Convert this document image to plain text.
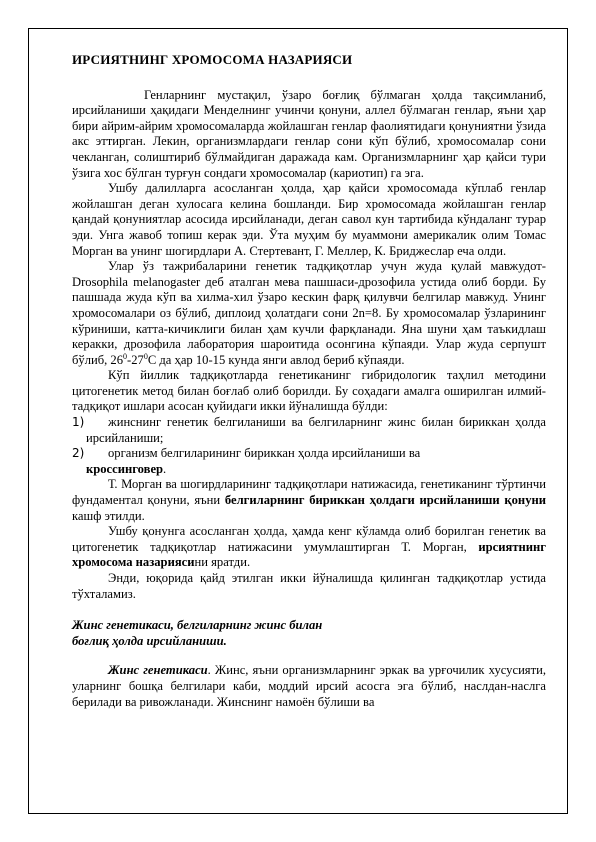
ИРСИЯТНИНГ ХРОМОСОМА НАЗАРИЯСИ

Генларнинг мустақил, ўзаро боғлиқ бўлмаган ҳолда тақсимланиб, ирсийланиши ҳақидаги Менделнинг учинчи қонуни, аллел бўлмаган генлар, яъни ҳар бири айрим-айрим хромосомаларда жойлашган генлар фаолиятидаги қонуниятни ўзида акс эттирган. Лекин, организмлардаги генлар сони кўп бўлиб, хромосомалар сони чекланган, солиштириб бўлмайдиган даражада кам. Организмларнинг ҳар қайси тури ўзига хос бўлган турғун сондаги хромосомалар (кариотип) га эга.

Ушбу далилларга асосланган ҳолда, ҳар қайси хромосомада кўплаб генлар жойлашган деган хулосага келина бошланди. Бир хромосомада жойлашган генлар қандай қонуниятлар асосида ирсийланади, деган савол кун тартибида кўндаланг турар эди. Унга жавоб топиш керак эди. Ўта муҳим бу муаммони америкалик олим Томас Морган ва унинг шогирдлари А. Стертевант, Г. Меллер, К. Бриджеслар ечa олди.

Улар ўз тажрибаларини генетик тадқиқотлар учун жуда қулай мавжудот-Drosophila melanogaster деб аталган мева пашшаси-дрозофила устида олиб борди. Бу пашшада жуда кўп ва хилма-хил ўзаро кескин фарқ қилувчи белгилар мавжуд. Унинг хромосомалари оз бўлиб, диплоид ҳолатдаги сони 2n=8. Бу хромосомалар ўзларининг кўриниши, катта-кичиклиги билан ҳам кучли фарқланади. Яна шуни ҳам таъкидлаш керакки, дрозофила лаборатория шароитида осонгина кўпаяди. Улар жуда серпушт бўлиб, $26^0-27^0С$ да ҳар 10-15 кунда янги авлод бериб кўпаяди.

Кўп йиллик тадқиқотларда генетиканинг гибридологик таҳлил методини цитогенетик метод билан боғлаб олиб борилди. Бу соҳадаги амалга оширилган илмий-тадқиқот ишлари асосан қуйидаги икки йўналишда бўлди:

1) жинснинг генетик белгиланиши ва белгиларнинг жинс билан бириккан ҳолда ирсийланиши;

2) организм белгиларининг бириккан ҳолда ирсийланиши ва
кроссинговер.

Т. Морган ва шогирдларининг тадқиқотлари натижасида, генетиканинг тўртинчи фундаментал қонуни, яъни белгиларнинг бириккан ҳолдаги ирсийланиши қонуни кашф этилди.

Ушбу қонунга асосланган ҳолда, ҳамда кенг кўламда олиб борилган генетик ва цитогенетик тадқиқотлар натижасини умумлаштирган Т. Морган, ирсиятнинг хромосома назариясини яратди.

Энди, юқорида қайд этилган икки йўналишда қилинган тадқиқотлар устида тўхталамиз.

Жинс генетикаси, белгиларнинг жинс билан
боғлиқ ҳолда ирсийланиши.

Жинс генетикаси. Жинс, яъни организмларнинг эркак ва урғочилик хусусияти, уларнинг бошқа белгилари каби, моддий ирсий асосга эга бўлиб, наслдан-наслга берилади ва ривожланади. Жинснинг намоён бўлиши ва
